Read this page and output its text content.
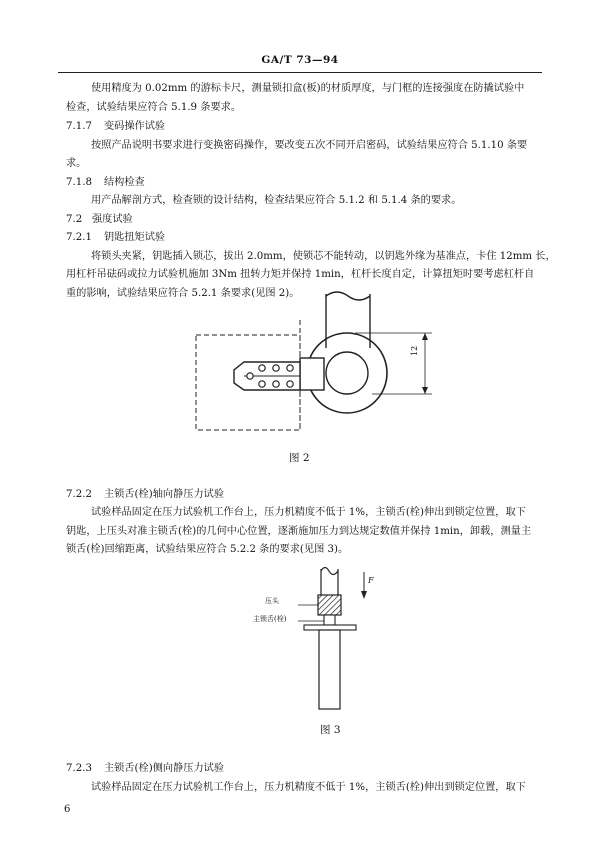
GA/T 73—94
使用精度为 0.02mm 的游标卡尺，测量锁扣盒(板)的材质厚度，与门框的连接强度在防撬试验中
检查，试验结果应符合 5.1.9 条要求。
7.1.7 变码操作试验
按照产品说明书要求进行变换密码操作，要改变五次不同开启密码，试验结果应符合 5.1.10 条要
求。
7.1.8 结构检查
用产品解剖方式，检查锁的设计结构，检查结果应符合 5.1.2 和 5.1.4 条的要求。
7.2 强度试验
7.2.1 钥匙扭矩试验
将锁头夹紧，钥匙插入锁芯，拔出 2.0mm，使锁芯不能转动，以钥匙外缘为基准点，卡住 12mm 长，
用杠杆吊砝码或拉力试验机施加 3Nm 扭转力矩并保持 1min，杠杆长度自定，计算扭矩时要考虑杠杆自
重的影响，试验结果应符合 5.2.1 条要求(见图 2)。
12
图 2
7.2.2 主锁舌(栓)轴向静压力试验
试验样品固定在压力试验机工作台上，压力机精度不低于 1%，主锁舌(栓)伸出到锁定位置，取下
钥匙，上压头对准主锁舌(栓)的几何中心位置，逐渐施加压力到达规定数值并保持 1min，卸载，测量主
锁舌(栓)回缩距离，试验结果应符合 5.2.2 条的要求(见图 3)。
压头
主锁舌(栓)
F
图 3
7.2.3 主锁舌(栓)侧向静压力试验
试验样品固定在压力试验机工作台上，压力机精度不低于 1%，主锁舌(栓)伸出到锁定位置，取下
6
